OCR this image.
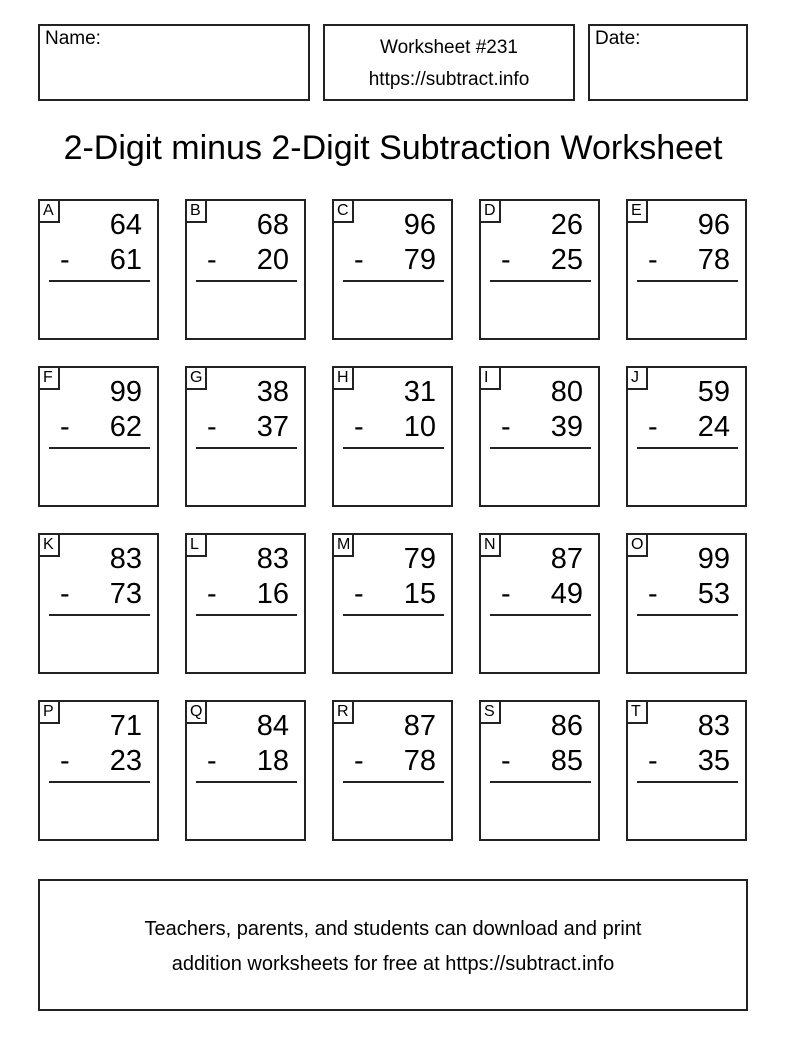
Name:	Worksheet #231
https://subtract.info
Date:
2-Digit minus 2-Digit Subtraction Worksheet
A 64
- 61
B 68
- 20
C 96
- 79
D 26
- 25
E 96
- 78
F 99
- 62
G 38
- 37
H 31
- 10
I	80
- 39
J	59
- 24
K 83
- 73
L 83
- 16
M 79
- 15
N 87
- 49
O 99
- 53
P 71
- 23
Q 84
- 18
R 87
- 78
S 86
- 85
T 83
- 35
Teachers, parents, and students can download and print
addition worksheets for free at https://subtract.info
